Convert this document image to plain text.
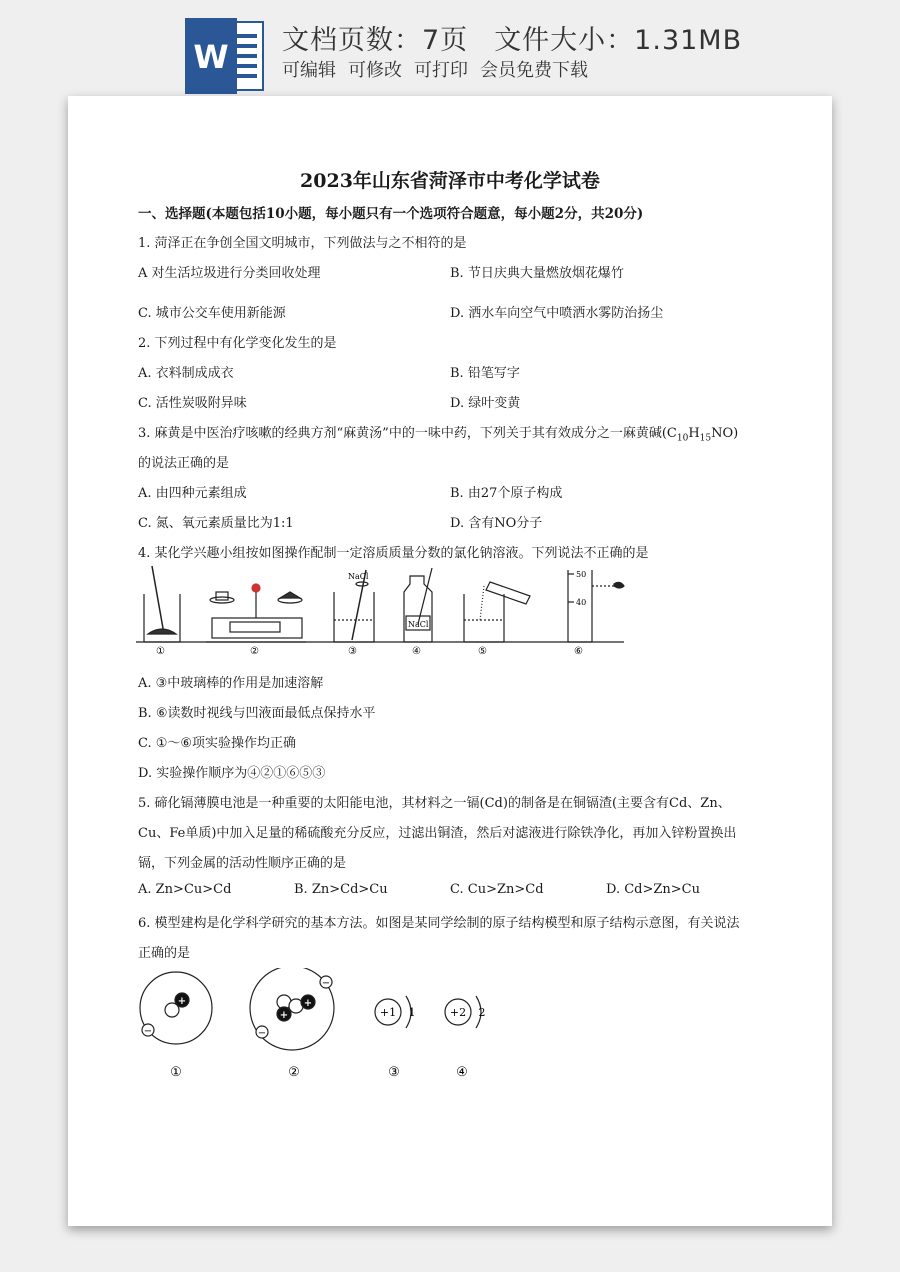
W 文档页数：7页 文件大小：1.31MB
可编辑 可修改 可打印 会员免费下载
2023年山东省菏泽市中考化学试卷
一、选择题(本题包括10小题，每小题只有一个选项符合题意，每小题2分，共20分)
1. 菏泽正在争创全国文明城市，下列做法与之不相符的是
A 对生活垃圾进行分类回收处理	B. 节日庆典大量燃放烟花爆竹
C. 城市公交车使用新能源	D. 洒水车向空气中喷洒水雾防治扬尘
2. 下列过程中有化学变化发生的是
A. 衣料制成成衣	B. 铅笔写字
C. 活性炭吸附异味	D. 绿叶变黄
3. 麻黄是中医治疗咳嗽的经典方剂“麻黄汤”中的一味中药，下列关于其有效成分之一麻黄碱$(C_{10}H_{15}NO)$
的说法正确的是
A. 由四种元素组成	B. 由27个原子构成
C. 氮、氧元素质量比为1:1	D. 含有NO分子
4. 某化学兴趣小组按如图操作配制一定溶质质量分数的氯化钠溶液。下列说法不正确的是
NaCl
NaCl
50
40
①	②	③	④	⑤	⑥
A. ③中玻璃棒的作用是加速溶解
B. ⑥读数时视线与凹液面最低点保持水平
C. ①～⑥项实验操作均正确
D. 实验操作顺序为④②①⑥⑤③
5. 碲化镉薄膜电池是一种重要的太阳能电池，其材料之一镉(Cd)的制备是在铜镉渣(主要含有Cd、Zn、
Cu、Fe单质)中加入足量的稀硫酸充分反应，过滤出铜渣，然后对滤液进行除铁净化，再加入锌粉置换出
镉，下列金属的活动性顺序正确的是
A. Zn>Cu>Cd	B. Zn>Cd>Cu	C. Cu>Zn>Cd	D. Cd>Zn>Cu
6. 模型建构是化学科学研究的基本方法。如图是某同学绘制的原子结构模型和原子结构示意图，有关说法
正确的是
+
−
+
+
−
−
+1 1	+2 2
①	②	③	④
